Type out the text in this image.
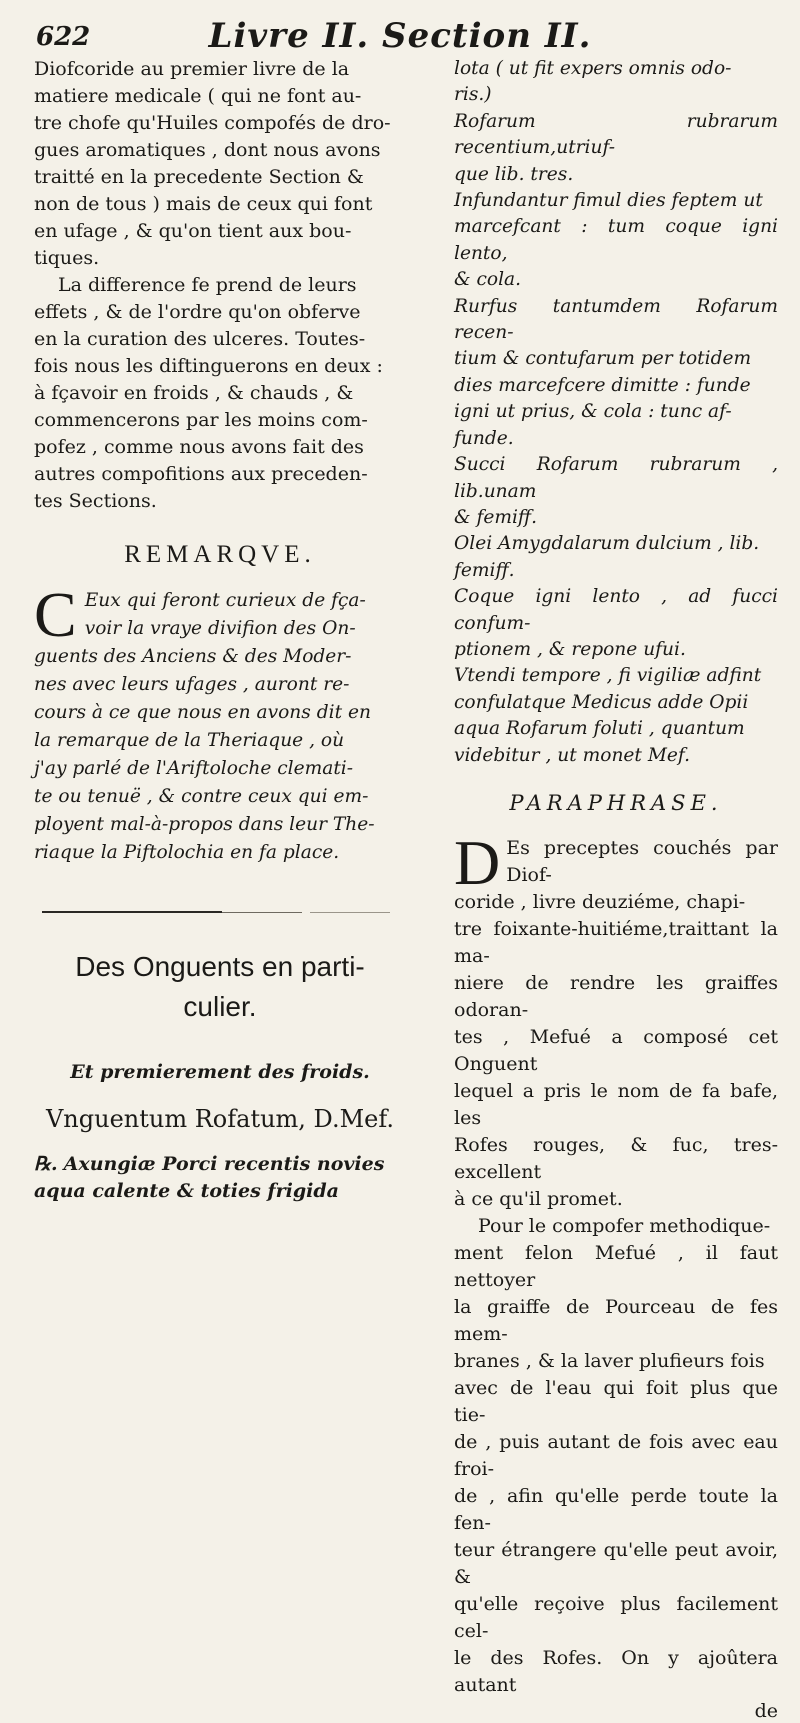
622	Livre II. Section II.

Diofcoride au premier livre de la
matiere medicale ( qui ne font au-
tre chofe qu'Huiles compofés de dro-
gues aromatiques , dont nous avons
traitté en la precedente Section &
non de tous ) mais de ceux qui font
en ufage , & qu'on tient aux bou-
tiques.

La difference fe prend de leurs
effets , & de l'ordre qu'on obferve
en la curation des ulceres. Toutes-
fois nous les diftinguerons en deux :
à fçavoir en froids , & chauds , &
commencerons par les moins com-
pofez , comme nous avons fait des
autres compofitions aux preceden-
tes Sections.

REMARQVE.

C Eux qui feront curieux de fça-
voir la vraye divifion des On-
guents des Anciens & des Moder-
nes avec leurs ufages , auront re-
cours à ce que nous en avons dit en
la remarque de la Theriaque , où
j'ay parlé de l'Ariftoloche clemati-
te ou tenuë , & contre ceux qui em-
ployent mal-à-propos dans leur The-
riaque la Piftolochia en fa place.

Des Onguents en parti-
culier.

Et premierement des froids.
Vnguentum Rofatum, D.Mef.

℞. Axungiæ Porci recentis novies
aqua calente & toties frigida

lota ( ut fit expers omnis odo-
ris.)
Rofarum rubrarum recentium,utriuf-
que lib. tres.
Infundantur fimul dies feptem ut
marcefcant : tum coque igni lento,
& cola.
Rurfus tantumdem Rofarum recen-
tium & contufarum per totidem
dies marcefcere dimitte : funde
igni ut prius, & cola : tunc af-
funde.
Succi Rofarum rubrarum , lib.unam
& femiff.
Olei Amygdalarum dulcium , lib.
femiff.
Coque igni lento , ad fucci confum-
ptionem , & repone ufui.
Vtendi tempore , fi vigiliæ adfint
confulatque Medicus adde Opii
aqua Rofarum foluti , quantum
videbitur , ut monet Mef.

PARAPHRASE.

D Es preceptes couchés par Diof-
coride , livre deuziéme, chapi-
tre foixante-huitiéme,traittant la ma-
niere de rendre les graiffes odoran-
tes , Mefué a composé cet Onguent
lequel a pris le nom de fa bafe, les
Rofes rouges, & fuc, tres-excellent
à ce qu'il promet.
Pour le compofer methodique-
ment felon Mefué , il faut nettoyer
la graiffe de Pourceau de fes mem-
branes , & la laver plufieurs fois
avec de l'eau qui foit plus que tie-
de , puis autant de fois avec eau froi-
de , afin qu'elle perde toute la fen-
teur étrangere qu'elle peut avoir, &
qu'elle reçoive plus facilement cel-
le des Rofes. On y ajoûtera autant

de
